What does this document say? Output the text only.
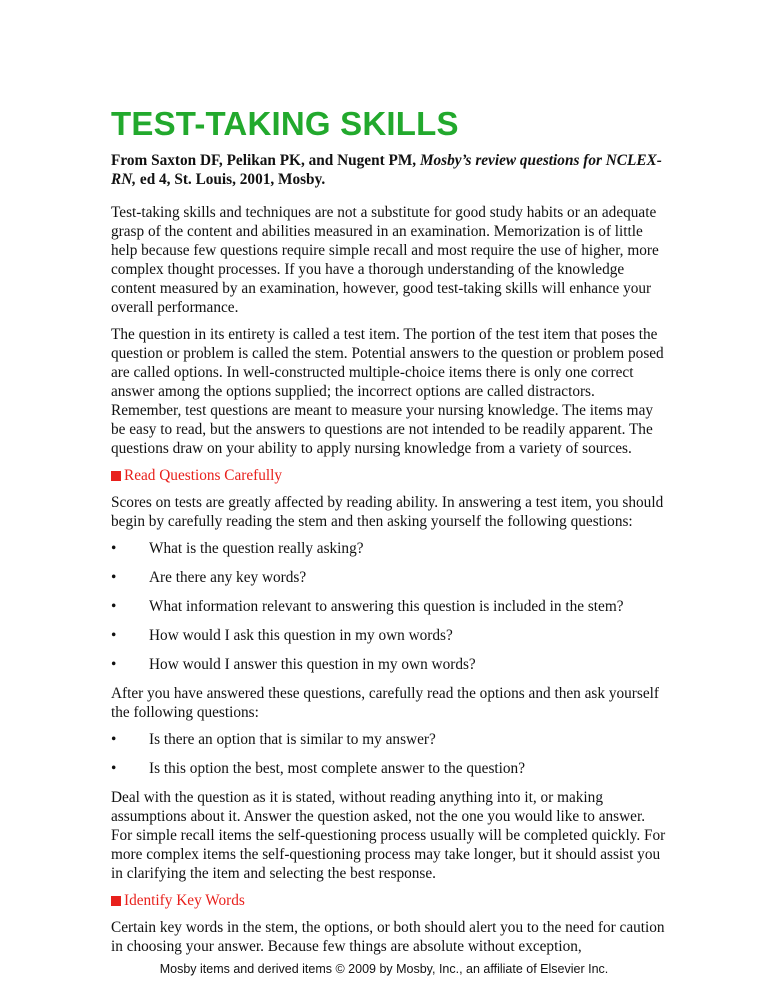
TEST-TAKING SKILLS
From Saxton DF, Pelikan PK, and Nugent PM, Mosby’s review questions for NCLEX-RN, ed 4, St. Louis, 2001, Mosby.

Test-taking skills and techniques are not a substitute for good study habits or an adequate grasp of the content and abilities measured in an examination. Memorization is of little help because few questions require simple recall and most require the use of higher, more complex thought processes. If you have a thorough understanding of the knowledge content measured by an examination, however, good test-taking skills will enhance your overall performance.

The question in its entirety is called a test item. The portion of the test item that poses the question or problem is called the stem. Potential answers to the question or problem posed are called options. In well-constructed multiple-choice items there is only one correct answer among the options supplied; the incorrect options are called distractors. Remember, test questions are meant to measure your nursing knowledge. The items may be easy to read, but the answers to questions are not intended to be readily apparent. The questions draw on your ability to apply nursing knowledge from a variety of sources.

Read Questions Carefully

Scores on tests are greatly affected by reading ability. In answering a test item, you should begin by carefully reading the stem and then asking yourself the following questions:

•	What is the question really asking?
•	Are there any key words?
•	What information relevant to answering this question is included in the stem?
•	How would I ask this question in my own words?
•	How would I answer this question in my own words?

After you have answered these questions, carefully read the options and then ask yourself the following questions:

•	Is there an option that is similar to my answer?
•	Is this option the best, most complete answer to the question?

Deal with the question as it is stated, without reading anything into it, or making assumptions about it. Answer the question asked, not the one you would like to answer. For simple recall items the self-questioning process usually will be completed quickly. For more complex items the self-questioning process may take longer, but it should assist you in clarifying the item and selecting the best response.

Identify Key Words

Certain key words in the stem, the options, or both should alert you to the need for caution in choosing your answer. Because few things are absolute without exception,

Mosby items and derived items © 2009 by Mosby, Inc., an affiliate of Elsevier Inc.
